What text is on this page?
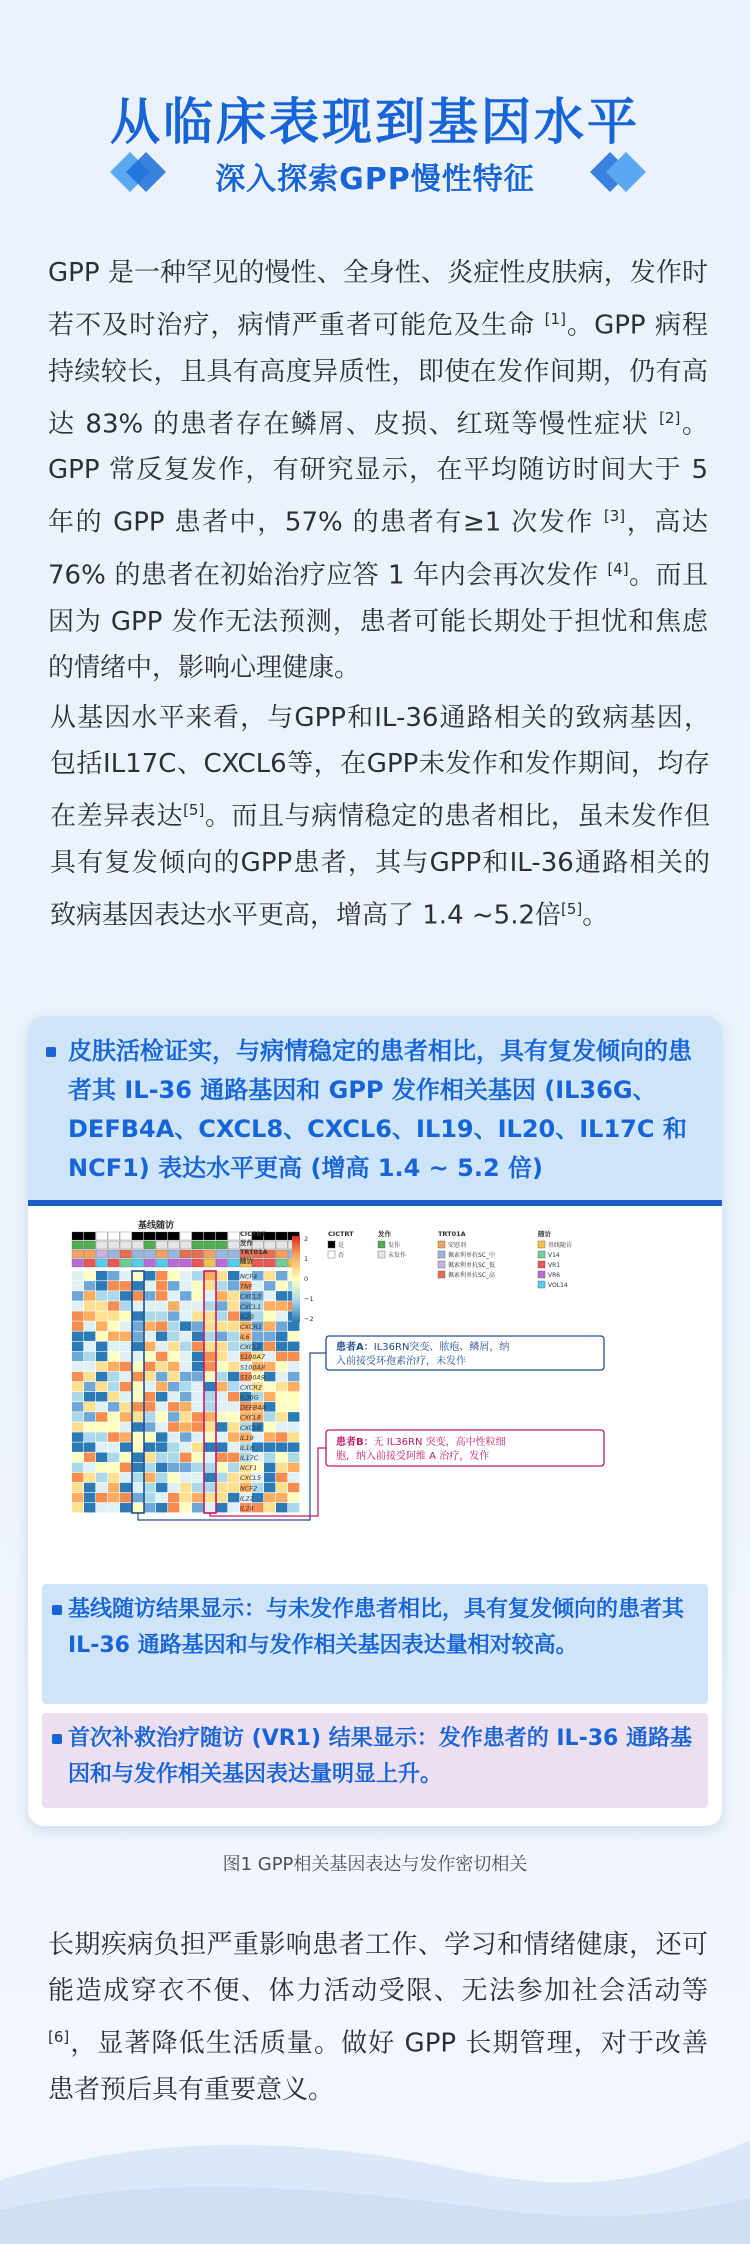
从临床表现到基因水平
深入探索GPP慢性特征
GPP 是一种罕见的慢性、全身性、炎症性皮肤病，发作时若不及时治疗，病情严重者可能危及生命 [1]。GPP 病程持续较长，且具有高度异质性，即使在发作间期，仍有高达 83% 的患者存在鳞屑、皮损、红斑等慢性症状 [2]。GPP 常反复发作，有研究显示，在平均随访时间大于 5 年的 GPP 患者中，57% 的患者有≥1 次发作 [3]，高达 76% 的患者在初始治疗应答 1 年内会再次发作 [4]。而且因为 GPP 发作无法预测，患者可能长期处于担忧和焦虑的情绪中，影响心理健康。
从基因水平来看，与GPP和IL-36通路相关的致病基因，包括IL17C、CXCL6等，在GPP未发作和发作期间，均存在差异表达[5]。而且与病情稳定的患者相比，虽未发作但具有复发倾向的GPP患者，其与GPP和IL-36通路相关的致病基因表达水平更高，增高了 1.4 ~5.2倍[5]。
皮肤活检证实，与病情稳定的患者相比，具有复发倾向的患者其 IL-36 通路基因和 GPP 发作相关基因 (IL36G、DEFB4A、CXCL8、CXCL6、IL19、IL20、IL17C 和 NCF1) 表达水平更高 (增高 1.4 ~ 5.2 倍)
基线随访
NCF4
TNF
CXCL3
CXCL1
IL20
CXCR1
IL6
CXCL2
S100A7
S100A8
S100A9
CXCR2
IL36G
DEFB4A
CXCL8
CXCL6
IL19
IL18
IL17C
NCF1
CXCL5
NCF2
IL22
IL24
CICTRT
发作
TRT01A
随访
2
1
0
−1
−2
CICTRT
是
否
发作
发作
未发作
TRT01A
安慰剂
佩索利单抗SC_中
佩索利单抗SC_低
佩索利单抗SC_高
随访
基线随访
V14
VR1
VR6
VOL14
患者A：IL36RN突变、脓疱、鳞屑，纳
入前接受环孢素治疗，未发作
患者B：无 IL36RN 突变，高中性粒细
胞，纳入前接受阿维 A 治疗，发作
基线随访结果显示：与未发作患者相比，具有复发倾向的患者其 IL-36 通路基因和与发作相关基因表达量相对较高。
首次补救治疗随访 (VR1) 结果显示：发作患者的 IL-36 通路基因和与发作相关基因表达量明显上升。
图1 GPP相关基因表达与发作密切相关
长期疾病负担严重影响患者工作、学习和情绪健康，还可能造成穿衣不便、体力活动受限、无法参加社会活动等 [6]，显著降低生活质量。做好 GPP 长期管理，对于改善患者预后具有重要意义。
